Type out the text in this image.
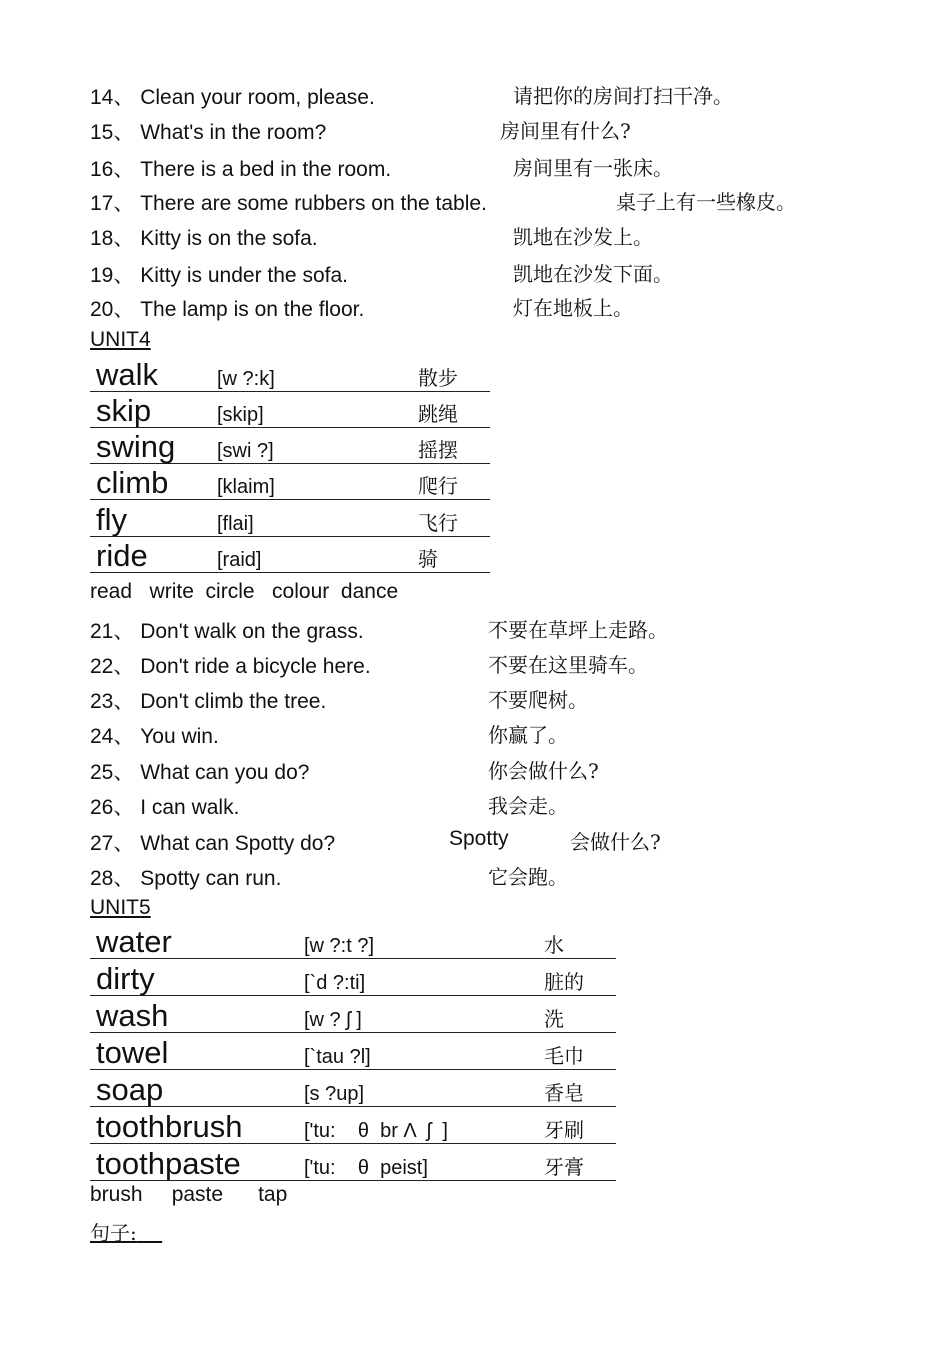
14、 Clean your room, please.	请把你的房间打扫干净。
15、 What's in the room?	房间里有什么?
16、 There is a bed in the room.	房间里有一张床。
17、 There are some rubbers on the table.	桌子上有一些橡皮。
18、 Kitty is on the sofa.	凯地在沙发上。
19、 Kitty is under the sofa.	凯地在沙发下面。
20、 The lamp is on the floor.	灯在地板上。
UNIT4
walk	[w ?:k]	散步
skip	[skip]	跳绳
swing [swi ?]	摇摆
climb [klaim]	爬行
fly	[flai]	飞行
ride	[raid]	骑
read   write  circle   colour  dance
21、 Don't walk on the grass.	不要在草坪上走路。
22、 Don't ride a bicycle here.	不要在这里骑车。
23、 Don't climb the tree.	不要爬树。
24、 You win.	你赢了。
25、 What can you do?	你会做什么?
26、 I can walk.	我会走。
27、 What can Spotty do?	Spotty	会做什么?
28、 Spotty can run.	它会跑。
UNIT5
water	[w ?:t ?]	水
dirty	[`d ?:ti]	脏的
wash	[w ? ʃ ]	洗
towel	[`tau ?l]	毛巾
soap	[s ?up]	香皂
toothbrush	['tu:    θ  br Λ  ʃ  ]	牙刷
toothpaste	['tu:    θ  peist]	牙膏
brush     paste      tap
句子:
